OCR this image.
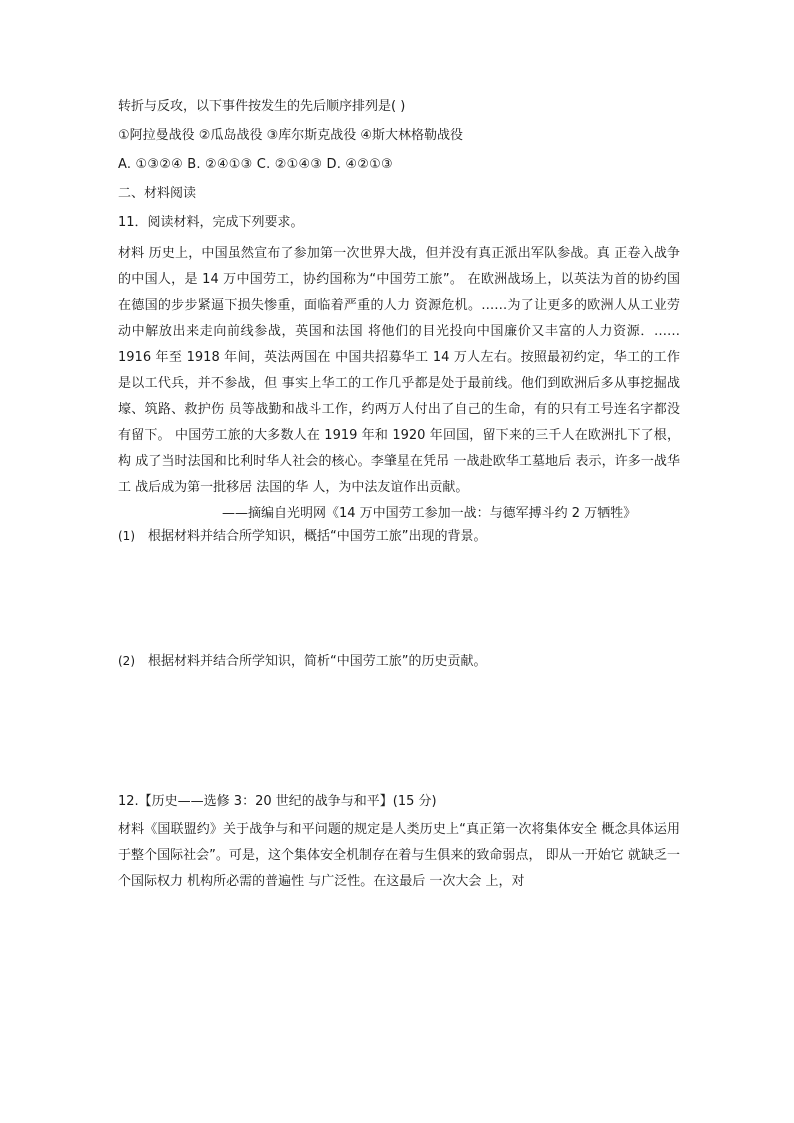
转折与反攻，以下事件按发生的先后顺序排列是( )

①阿拉曼战役 ②瓜岛战役 ③库尔斯克战役 ④斯大林格勒战役

A. ①③②④ B. ②④①③ C. ②①④③ D. ④②①③

二、材料阅读

11．阅读材料，完成下列要求。

材料 历史上，中国虽然宣布了参加第一次世界大战，但并没有真正派出军队参战。真 正卷入战争的中国人，是 14 万中国劳工，协约国称为“中国劳工旅”。 在欧洲战场上，以英法为首的协约国在德国的步步紧逼下损失惨重，面临着严重的人力 资源危机。……为了让更多的欧洲人从工业劳动中解放出来走向前线参战，英国和法国 将他们的目光投向中国廉价又丰富的人力资源．……1916 年至 1918 年间，英法两国在 中国共招募华工 14 万人左右。按照最初约定，华工的工作是以工代兵，并不参战，但 事实上华工的工作几乎都是处于最前线。他们到欧洲后多从事挖掘战壕、筑路、救护伤 员等战勤和战斗工作，约两万人付出了自己的生命，有的只有工号连名字都没有留下。 中国劳工旅的大多数人在 1919 年和 1920 年回国，留下来的三千人在欧洲扎下了根，构 成了当时法国和比利时华人社会的核心。李肇星在凭吊 一战赴欧华工墓地后 表示，许多一战华工 战后成为第一批移居 法国的华 人，为中法友谊作出贡献。

——摘编自光明网《14 万中国劳工参加一战：与德军搏斗约 2 万牺牲》

(1) 根据材料并结合所学知识，概括“中国劳工旅”出现的背景。

(2) 根据材料并结合所学知识，简析“中国劳工旅”的历史贡献。

12.【历史——选修 3：20 世纪的战争与和平】(15 分)

材料《国联盟约》关于战争与和平问题的规定是人类历史上“真正第一次将集体安全 概念具体运用于整个国际社会”。可是，这个集体安全机制存在着与生俱来的致命弱点， 即从一开始它 就缺乏一个国际权力 机构所必需的普遍性 与广泛性。在这最后 一次大会 上，对
